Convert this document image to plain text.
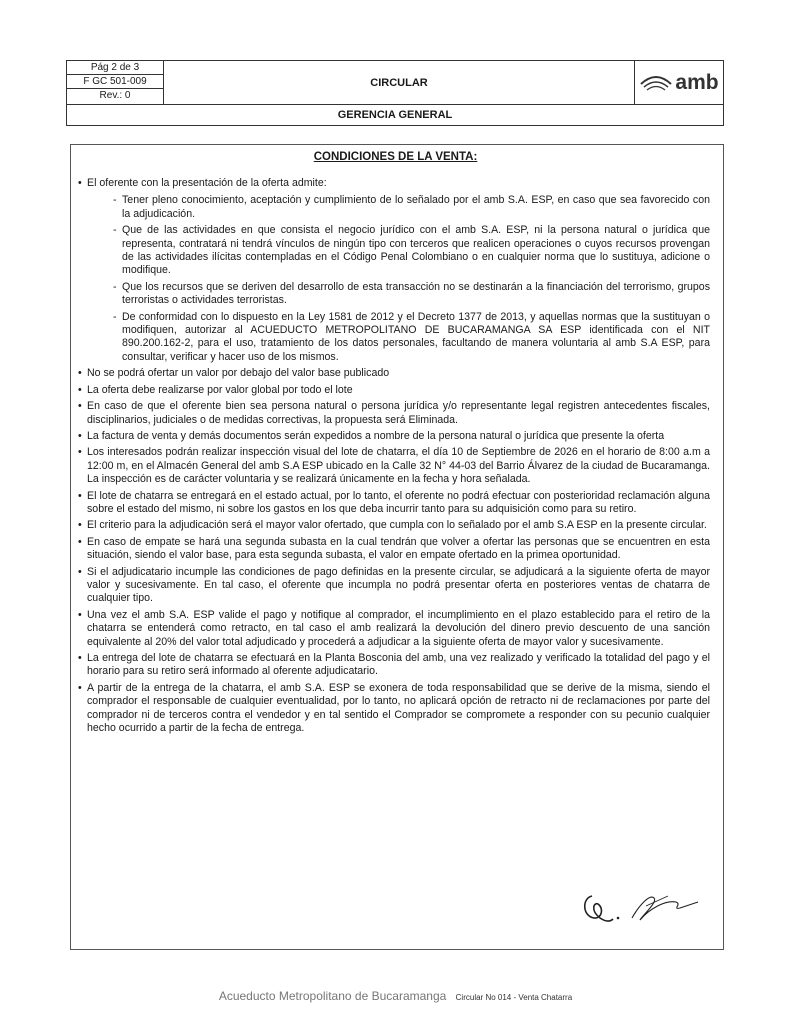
Pág 2 de 3
F GC 501-009
Rev.: 0
CIRCULAR	amb
GERENCIA GENERAL
CONDICIONES DE LA VENTA:
• El oferente con la presentación de la oferta admite:
- Tener pleno conocimiento, aceptación y cumplimiento de lo señalado por el amb S.A. ESP, en caso que sea favorecido con la adjudicación.
- Que de las actividades en que consista el negocio jurídico con el amb S.A. ESP, ni la persona natural o jurídica que representa, contratará ni tendrá vínculos de ningún tipo con terceros que realicen operaciones o cuyos recursos provengan de las actividades ilícitas contempladas en el Código Penal Colombiano o en cualquier norma que lo sustituya, adicione o modifique.
- Que los recursos que se deriven del desarrollo de esta transacción no se destinarán a la financiación del terrorismo, grupos terroristas o actividades terroristas.
- De conformidad con lo dispuesto en la Ley 1581 de 2012 y el Decreto 1377 de 2013, y aquellas normas que la sustituyan o modifiquen, autorizar al ACUEDUCTO METROPOLITANO DE BUCARAMANGA SA ESP identificada con el NIT 890.200.162-2, para el uso, tratamiento de los datos personales, facultando de manera voluntaria al amb S.A ESP, para consultar, verificar y hacer uso de los mismos.
• No se podrá ofertar un valor por debajo del valor base publicado
• La oferta debe realizarse por valor global por todo el lote
• En caso de que el oferente bien sea persona natural o persona jurídica y/o representante legal registren antecedentes fiscales, disciplinarios, judiciales o de medidas correctivas, la propuesta será Eliminada.
• La factura de venta y demás documentos serán expedidos a nombre de la persona natural o jurídica que presente la oferta
• Los interesados podrán realizar inspección visual del lote de chatarra, el día 10 de Septiembre de 2026 en el horario de 8:00 a.m a 12:00 m, en el Almacén General del amb S.A ESP ubicado en la Calle 32 N° 44-03 del Barrio Álvarez de la ciudad de Bucaramanga. La inspección es de carácter voluntaria y se realizará únicamente en la fecha y hora señalada.
• El lote de chatarra se entregará en el estado actual, por lo tanto, el oferente no podrá efectuar con posterioridad reclamación alguna sobre el estado del mismo, ni sobre los gastos en los que deba incurrir tanto para su adquisición como para su retiro.
• El criterio para la adjudicación será el mayor valor ofertado, que cumpla con lo señalado por el amb S.A ESP en la presente circular.
• En caso de empate se hará una segunda subasta en la cual tendrán que volver a ofertar las personas que se encuentren en esta situación, siendo el valor base, para esta segunda subasta, el valor en empate ofertado en la primea oportunidad.
• Si el adjudicatario incumple las condiciones de pago definidas en la presente circular, se adjudicará a la siguiente oferta de mayor valor y sucesivamente. En tal caso, el oferente que incumpla no podrá presentar oferta en posteriores ventas de chatarra de cualquier tipo.
• Una vez el amb S.A. ESP valide el pago y notifique al comprador, el incumplimiento en el plazo establecido para el retiro de la chatarra se entenderá como retracto, en tal caso el amb realizará la devolución del dinero previo descuento de una sanción equivalente al 20% del valor total adjudicado y procederá a adjudicar a la siguiente oferta de mayor valor y sucesivamente.
• La entrega del lote de chatarra se efectuará en la Planta Bosconia del amb, una vez realizado y verificado la totalidad del pago y el horario para su retiro será informado al oferente adjudicatario.
• A partir de la entrega de la chatarra, el amb S.A. ESP se exonera de toda responsabilidad que se derive de la misma, siendo el comprador el responsable de cualquier eventualidad, por lo tanto, no aplicará opción de retracto ni de reclamaciones por parte del comprador ni de terceros contra el vendedor y en tal sentido el Comprador se compromete a responder con su pecunio cualquier hecho ocurrido a partir de la fecha de entrega.
Acueducto Metropolitano de Bucaramanga Circular No 014 - Venta Chatarra
